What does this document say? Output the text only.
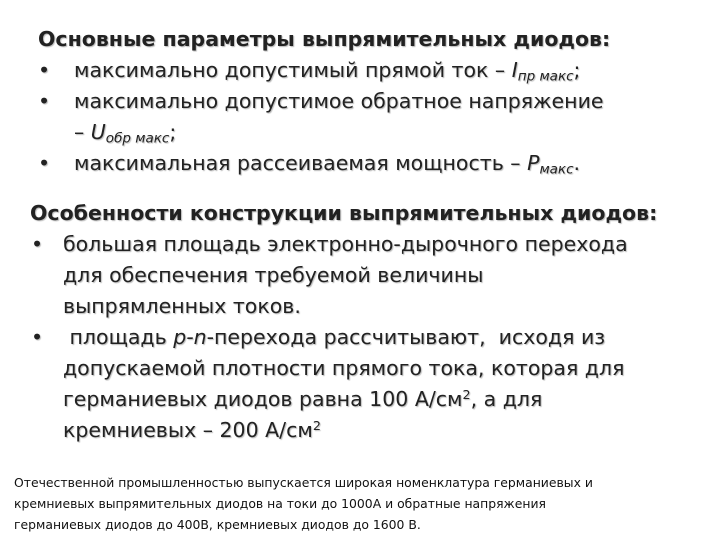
Основные параметры выпрямительных диодов:
•	максимально допустимый прямой ток – $I_{пр макс}$;
•	максимально допустимое обратное напряжение
– $U_{обр макс}$;
•	максимальная рассеиваемая мощность – $P_{макс}$.
Особенности конструкции выпрямительных диодов:
• большая площадь электронно-дырочного перехода
для обеспечения требуемой величины
выпрямленных токов.
• площадь p-n-перехода рассчитывают,  исходя из
допускаемой плотности прямого тока, которая для
германиевых диодов равна 100 $А/см^2$, а для
кремниевых – 200 $А/см^2$
Отечественной промышленностью выпускается широкая номенклатура германиевых и
кремниевых выпрямительных диодов на токи до 1000А и обратные напряжения
германиевых диодов до 400В, кремниевых диодов до 1600 В.
